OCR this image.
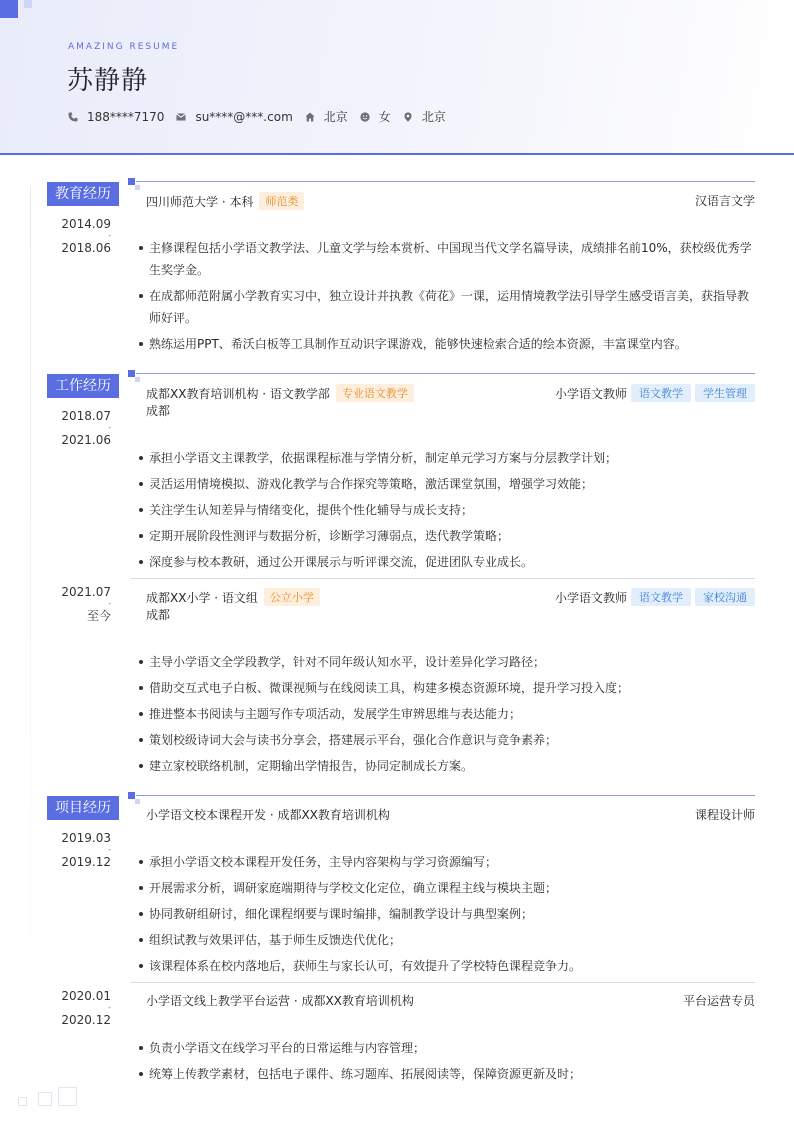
AMAZING RESUME
苏静静
188****7170	su****@***.com	北京	女	北京
教育经历
2014.09
-
2018.06
四川师范大学 · 本科	师范类	汉语言文学
主修课程包括小学语文教学法、儿童文学与绘本赏析、中国现当代文学名篇导读，成绩排名前10%，获校级优秀学生奖学金。
在成都师范附属小学教育实习中，独立设计并执教《荷花》一课，运用情境教学法引导学生感受语言美，获指导教师好评。
熟练运用PPT、希沃白板等工具制作互动识字课游戏，能够快速检索合适的绘本资源，丰富课堂内容。
工作经历
2018.07
-
2021.06
成都XX教育培训机构 · 语文教学部	专业语文教学
成都
小学语文教师	语文教学	学生管理
承担小学语文主课教学，依据课程标准与学情分析，制定单元学习方案与分层教学计划；
灵活运用情境模拟、游戏化教学与合作探究等策略，激活课堂氛围，增强学习效能；
关注学生认知差异与情绪变化，提供个性化辅导与成长支持；
定期开展阶段性测评与数据分析，诊断学习薄弱点，迭代教学策略；
深度参与校本教研，通过公开课展示与听评课交流，促进团队专业成长。
2021.07
-
至今
成都XX小学 · 语文组	公立小学
成都
小学语文教师	语文教学	家校沟通
主导小学语文全学段教学，针对不同年级认知水平，设计差异化学习路径；
借助交互式电子白板、微课视频与在线阅读工具，构建多模态资源环境，提升学习投入度；
推进整本书阅读与主题写作专项活动，发展学生审辨思维与表达能力；
策划校级诗词大会与读书分享会，搭建展示平台，强化合作意识与竞争素养；
建立家校联络机制，定期输出学情报告，协同定制成长方案。
项目经历
2019.03
-
2019.12
小学语文校本课程开发 · 成都XX教育培训机构	课程设计师
承担小学语文校本课程开发任务，主导内容架构与学习资源编写；
开展需求分析，调研家庭端期待与学校文化定位，确立课程主线与模块主题；
协同教研组研讨，细化课程纲要与课时编排，编制教学设计与典型案例；
组织试教与效果评估，基于师生反馈迭代优化；
该课程体系在校内落地后，获师生与家长认可，有效提升了学校特色课程竞争力。
2020.01
-
2020.12
小学语文线上教学平台运营 · 成都XX教育培训机构	平台运营专员
负责小学语文在线学习平台的日常运维与内容管理；
统筹上传教学素材，包括电子课件、练习题库、拓展阅读等，保障资源更新及时；
